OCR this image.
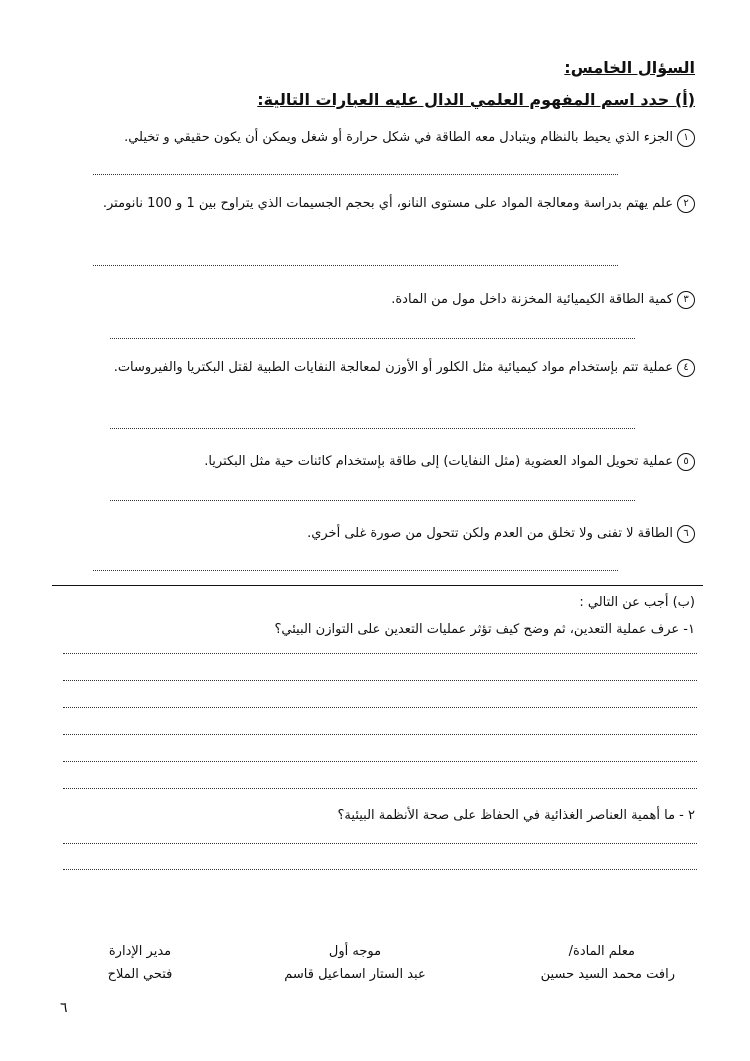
السؤال الخامس:
(أ) حدد اسم المفهوم العلمي الدال عليه العبارات التالية:
١الجزء الذي يحيط بالنظام ويتبادل معه الطاقة في شكل حرارة أو شغل ويمكن أن يكون حقيقي و تخيلي.
٢علم يهتم بدراسة ومعالجة المواد على مستوى النانو، أي بحجم الجسيمات الذي يتراوح بين 1 و 100 نانومتر.
٣كمية الطاقة الكيميائية المخزنة داخل مول من المادة.
٤عملية تتم بإستخدام مواد كيميائية مثل الكلور أو الأوزن لمعالجة النفايات الطبية لقتل البكتريا والفيروسات.
٥عملية تحويل المواد العضوية (مثل النفايات) إلى طاقة بإستخدام كائنات حية مثل البكتريا.
٦الطاقة لا تفنى ولا تخلق من العدم ولكن تتحول من صورة غلى أخري.
(ب) أجب عن التالي :
١- عرف عملية التعدين، ثم وضح كيف تؤثر عمليات التعدين على التوازن البيئي؟
٢ - ما أهمية العناصر الغذائية في الحفاظ على صحة الأنظمة البيئية؟
معلم المادة/
رافت محمد السيد حسين
موجه أول
عبد الستار اسماعيل قاسم
مدير الإدارة
فتحي الملاح
٦
